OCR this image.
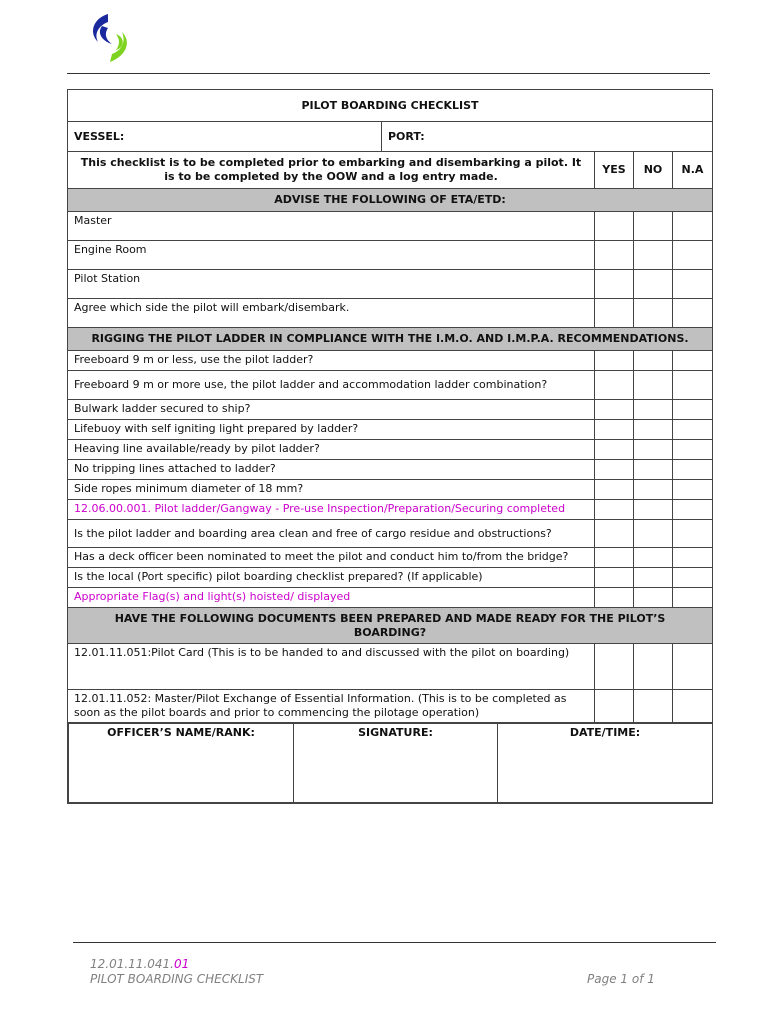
PILOT BOARDING CHECKLIST
VESSEL:	PORT:
This checklist is to be completed prior to embarking and disembarking a pilot. It is to be completed by the OOW and a log entry made.	YES	NO	N.A
ADVISE THE FOLLOWING OF ETA/ETD:
Master			
Engine Room			
Pilot Station			
Agree which side the pilot will embark/disembark.			
RIGGING THE PILOT LADDER IN COMPLIANCE WITH THE I.M.O. AND I.M.P.A. RECOMMENDATIONS.
Freeboard 9 m or less, use the pilot ladder?			
Freeboard 9 m or more use, the pilot ladder and accommodation ladder combination?			
Bulwark ladder secured to ship?			
Lifebuoy with self igniting light prepared by ladder?			
Heaving line available/ready by pilot ladder?			
No tripping lines attached to ladder?			
Side ropes minimum diameter of 18 mm?			
12.06.00.001. Pilot ladder/Gangway - Pre-use Inspection/Preparation/Securing completed			
Is the pilot ladder and boarding area clean and free of cargo residue and obstructions?			
Has a deck officer been nominated to meet the pilot and conduct him to/from the bridge?			
Is the local (Port specific) pilot boarding checklist prepared? (If applicable)			
Appropriate Flag(s) and light(s) hoisted/ displayed			
HAVE THE FOLLOWING DOCUMENTS BEEN PREPARED AND MADE READY FOR THE PILOT’S BOARDING?
12.01.11.051:Pilot Card (This is to be handed to and discussed with the pilot on boarding)			
12.01.11.052: Master/Pilot Exchange of Essential Information. (This is to be completed as soon as the pilot boards and prior to commencing the pilotage operation)			

OFFICER’S NAME/RANK:	SIGNATURE:	DATE/TIME:
12.01.11.041.01
PILOT BOARDING CHECKLIST	Page 1 of 1
